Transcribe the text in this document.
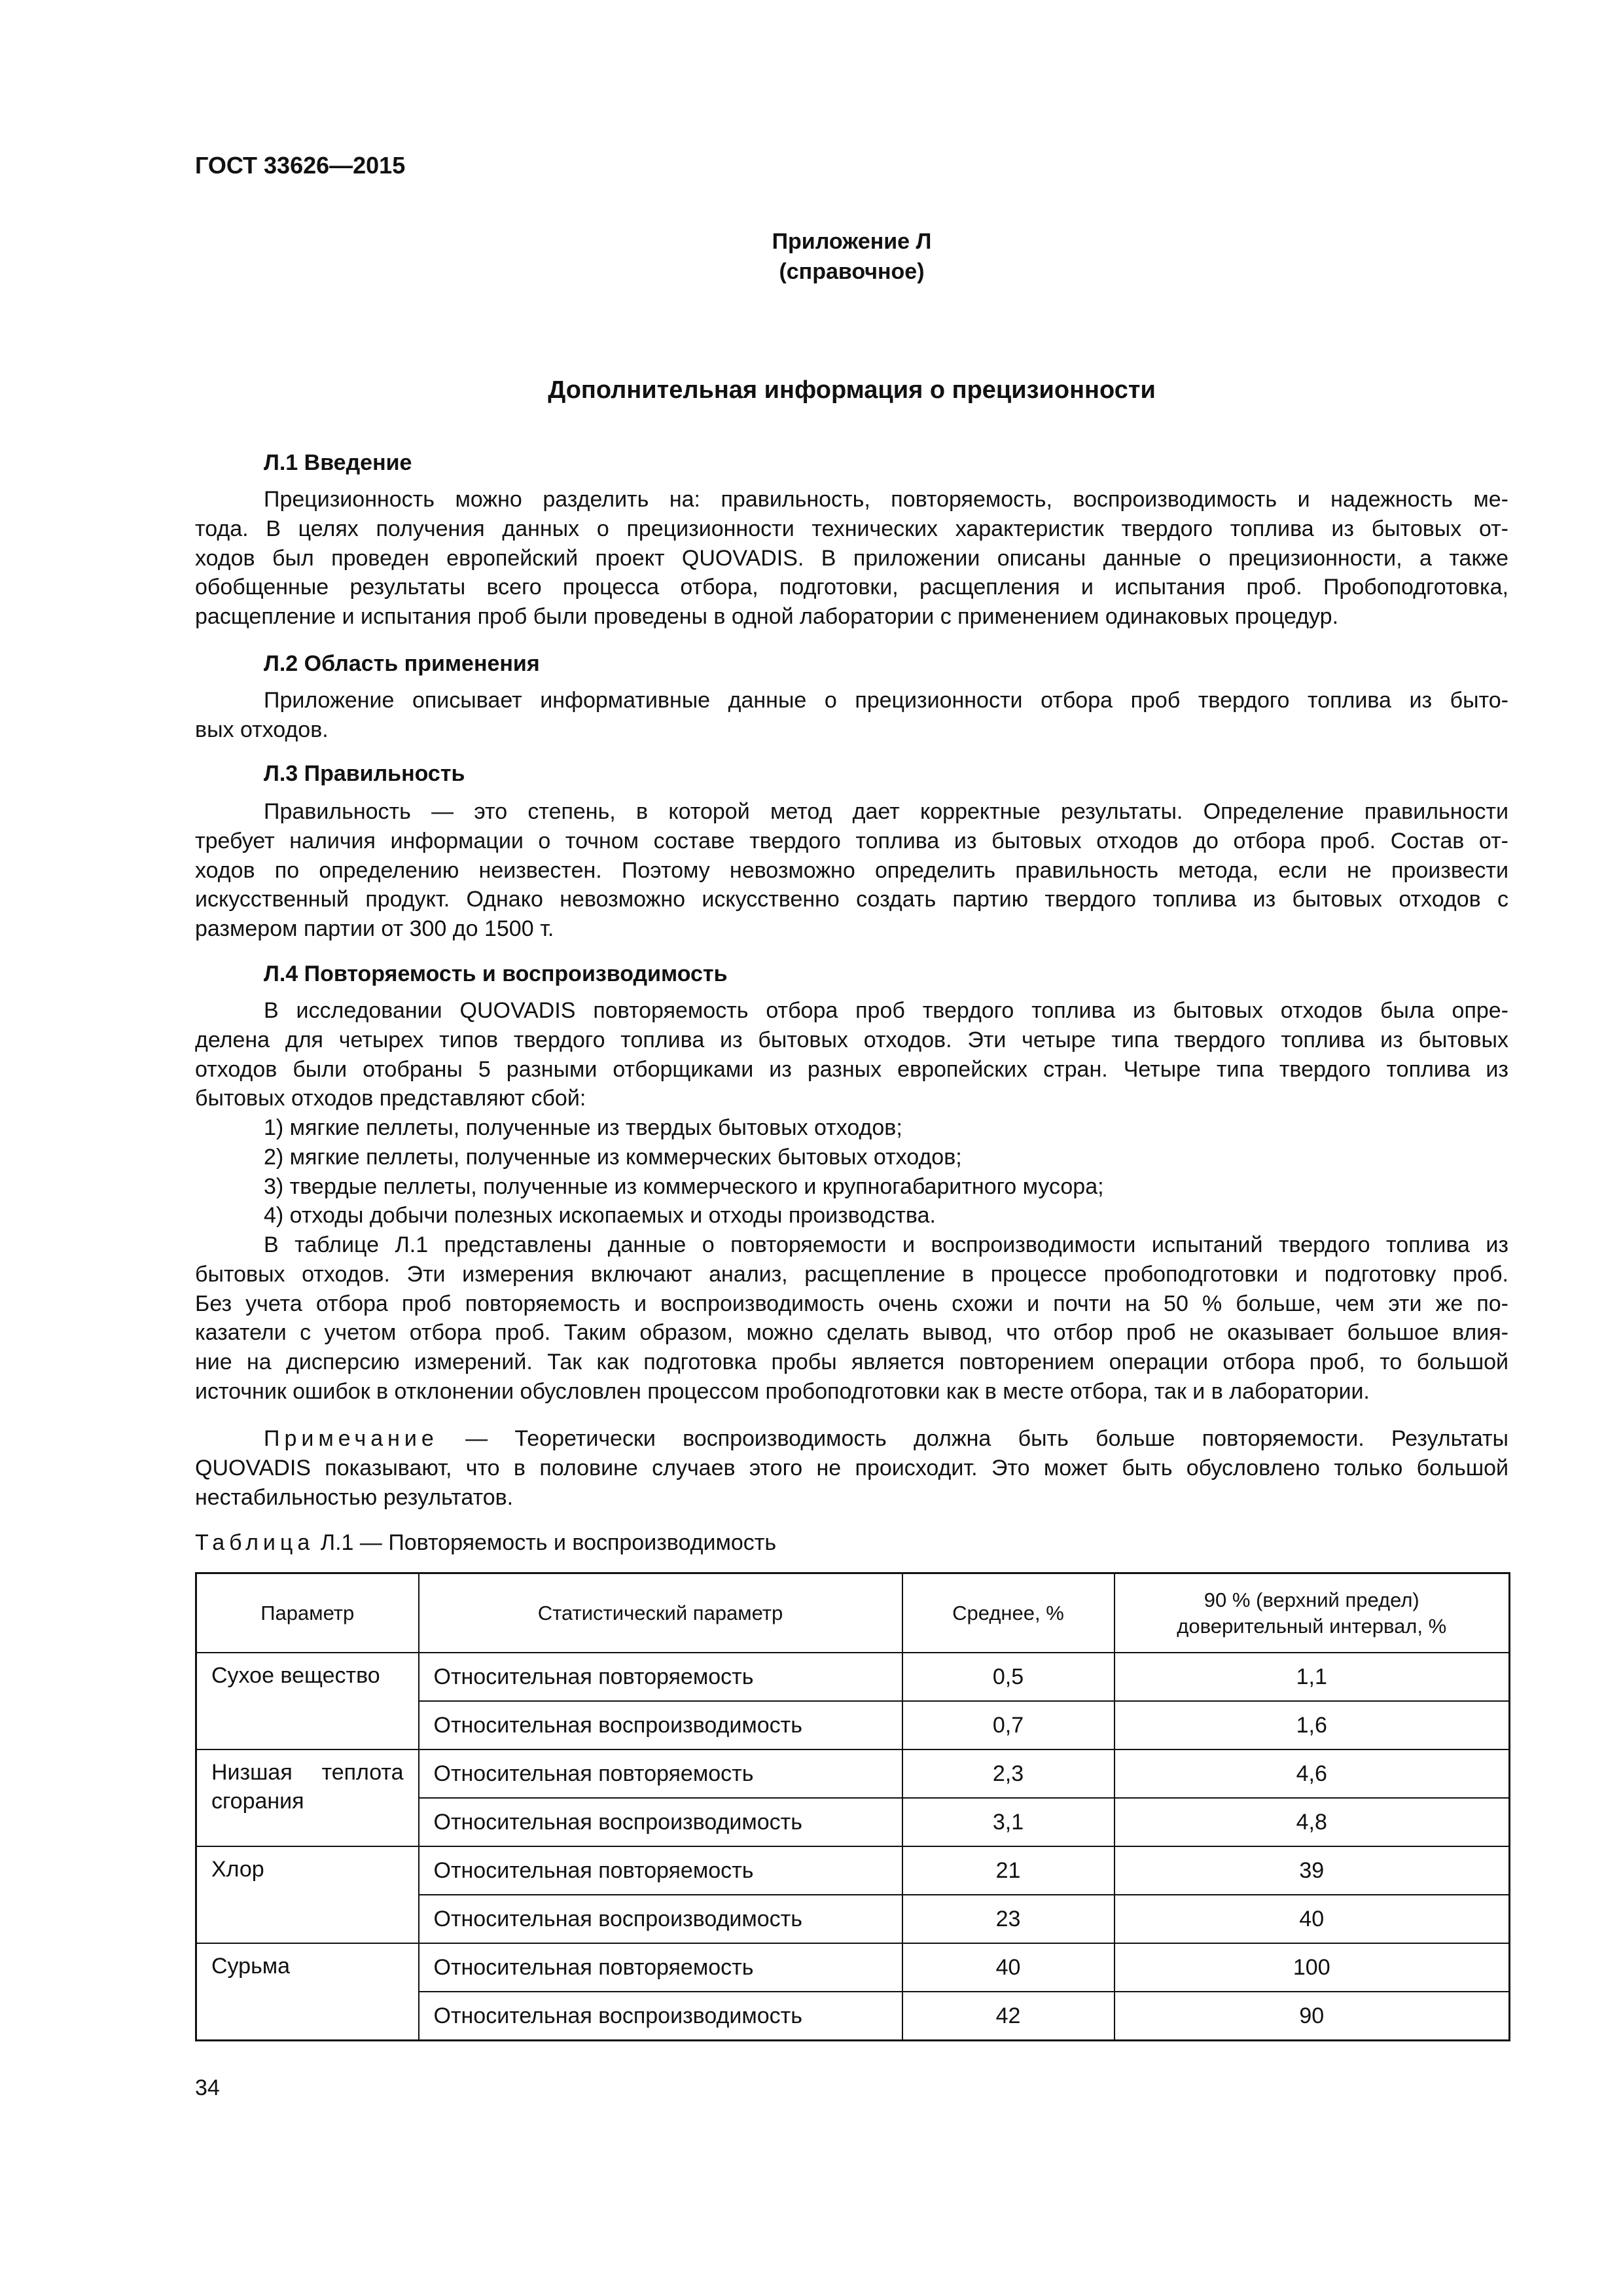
ГОСТ 33626—2015
Приложение Л
(справочное)
Дополнительная информация о прецизионности
Л.1 Введение
Прецизионность можно разделить на: правильность, повторяемость, воспроизводимость и надежность ме-
тода. В целях получения данных о прецизионности технических характеристик твердого топлива из бытовых от-
ходов был проведен европейский проект QUOVADIS. В приложении описаны данные о прецизионности, а также
обобщенные результаты всего процесса отбора, подготовки, расщепления и испытания проб. Пробоподготовка,
расщепление и испытания проб были проведены в одной лаборатории с применением одинаковых процедур.
Л.2 Область применения
Приложение описывает информативные данные о прецизионности отбора проб твердого топлива из быто-
вых отходов.
Л.3 Правильность
Правильность — это степень, в которой метод дает корректные результаты. Определение правильности
требует наличия информации о точном составе твердого топлива из бытовых отходов до отбора проб. Состав от-
ходов по определению неизвестен. Поэтому невозможно определить правильность метода, если не произвести
искусственный продукт. Однако невозможно искусственно создать партию твердого топлива из бытовых отходов с
размером партии от 300 до 1500 т.
Л.4 Повторяемость и воспроизводимость
В исследовании QUOVADIS повторяемость отбора проб твердого топлива из бытовых отходов была опре-
делена для четырех типов твердого топлива из бытовых отходов. Эти четыре типа твердого топлива из бытовых
отходов были отобраны 5 разными отборщиками из разных европейских стран. Четыре типа твердого топлива из
бытовых отходов представляют сбой:
1) мягкие пеллеты, полученные из твердых бытовых отходов;
2) мягкие пеллеты, полученные из коммерческих бытовых отходов;
3) твердые пеллеты, полученные из коммерческого и крупногабаритного мусора;
4) отходы добычи полезных ископаемых и отходы производства.
В таблице Л.1 представлены данные о повторяемости и воспроизводимости испытаний твердого топлива из
бытовых отходов. Эти измерения включают анализ, расщепление в процессе пробоподготовки и подготовку проб.
Без учета отбора проб повторяемость и воспроизводимость очень схожи и почти на 50 % больше, чем эти же по-
казатели с учетом отбора проб. Таким образом, можно сделать вывод, что отбор проб не оказывает большое влия-
ние на дисперсию измерений. Так как подготовка пробы является повторением операции отбора проб, то большой
источник ошибок в отклонении обусловлен процессом пробоподготовки как в месте отбора, так и в лаборатории.
Примечание — Теоретически воспроизводимость должна быть больше повторяемости. Результаты
QUOVADIS показывают, что в половине случаев этого не происходит. Это может быть обусловлено только большой
нестабильностью результатов.
Таблица Л.1 — Повторяемость и воспроизводимость
Параметр	Статистический параметр	Среднее, %	90 % (верхний предел)
доверительный интервал, %

Сухое вещество	Относительная повторяемость	0,5	1,1
	Относительная воспроизводимость	0,7	1,6

Низшая теплота
сгорания	Относительная повторяемость	2,3	4,6
	Относительная воспроизводимость	3,1	4,8
Хлор	Относительная повторяемость	21	39
	Относительная воспроизводимость	23	40
Сурьма	Относительная повторяемость	40	100
	Относительная воспроизводимость	42	90
34
